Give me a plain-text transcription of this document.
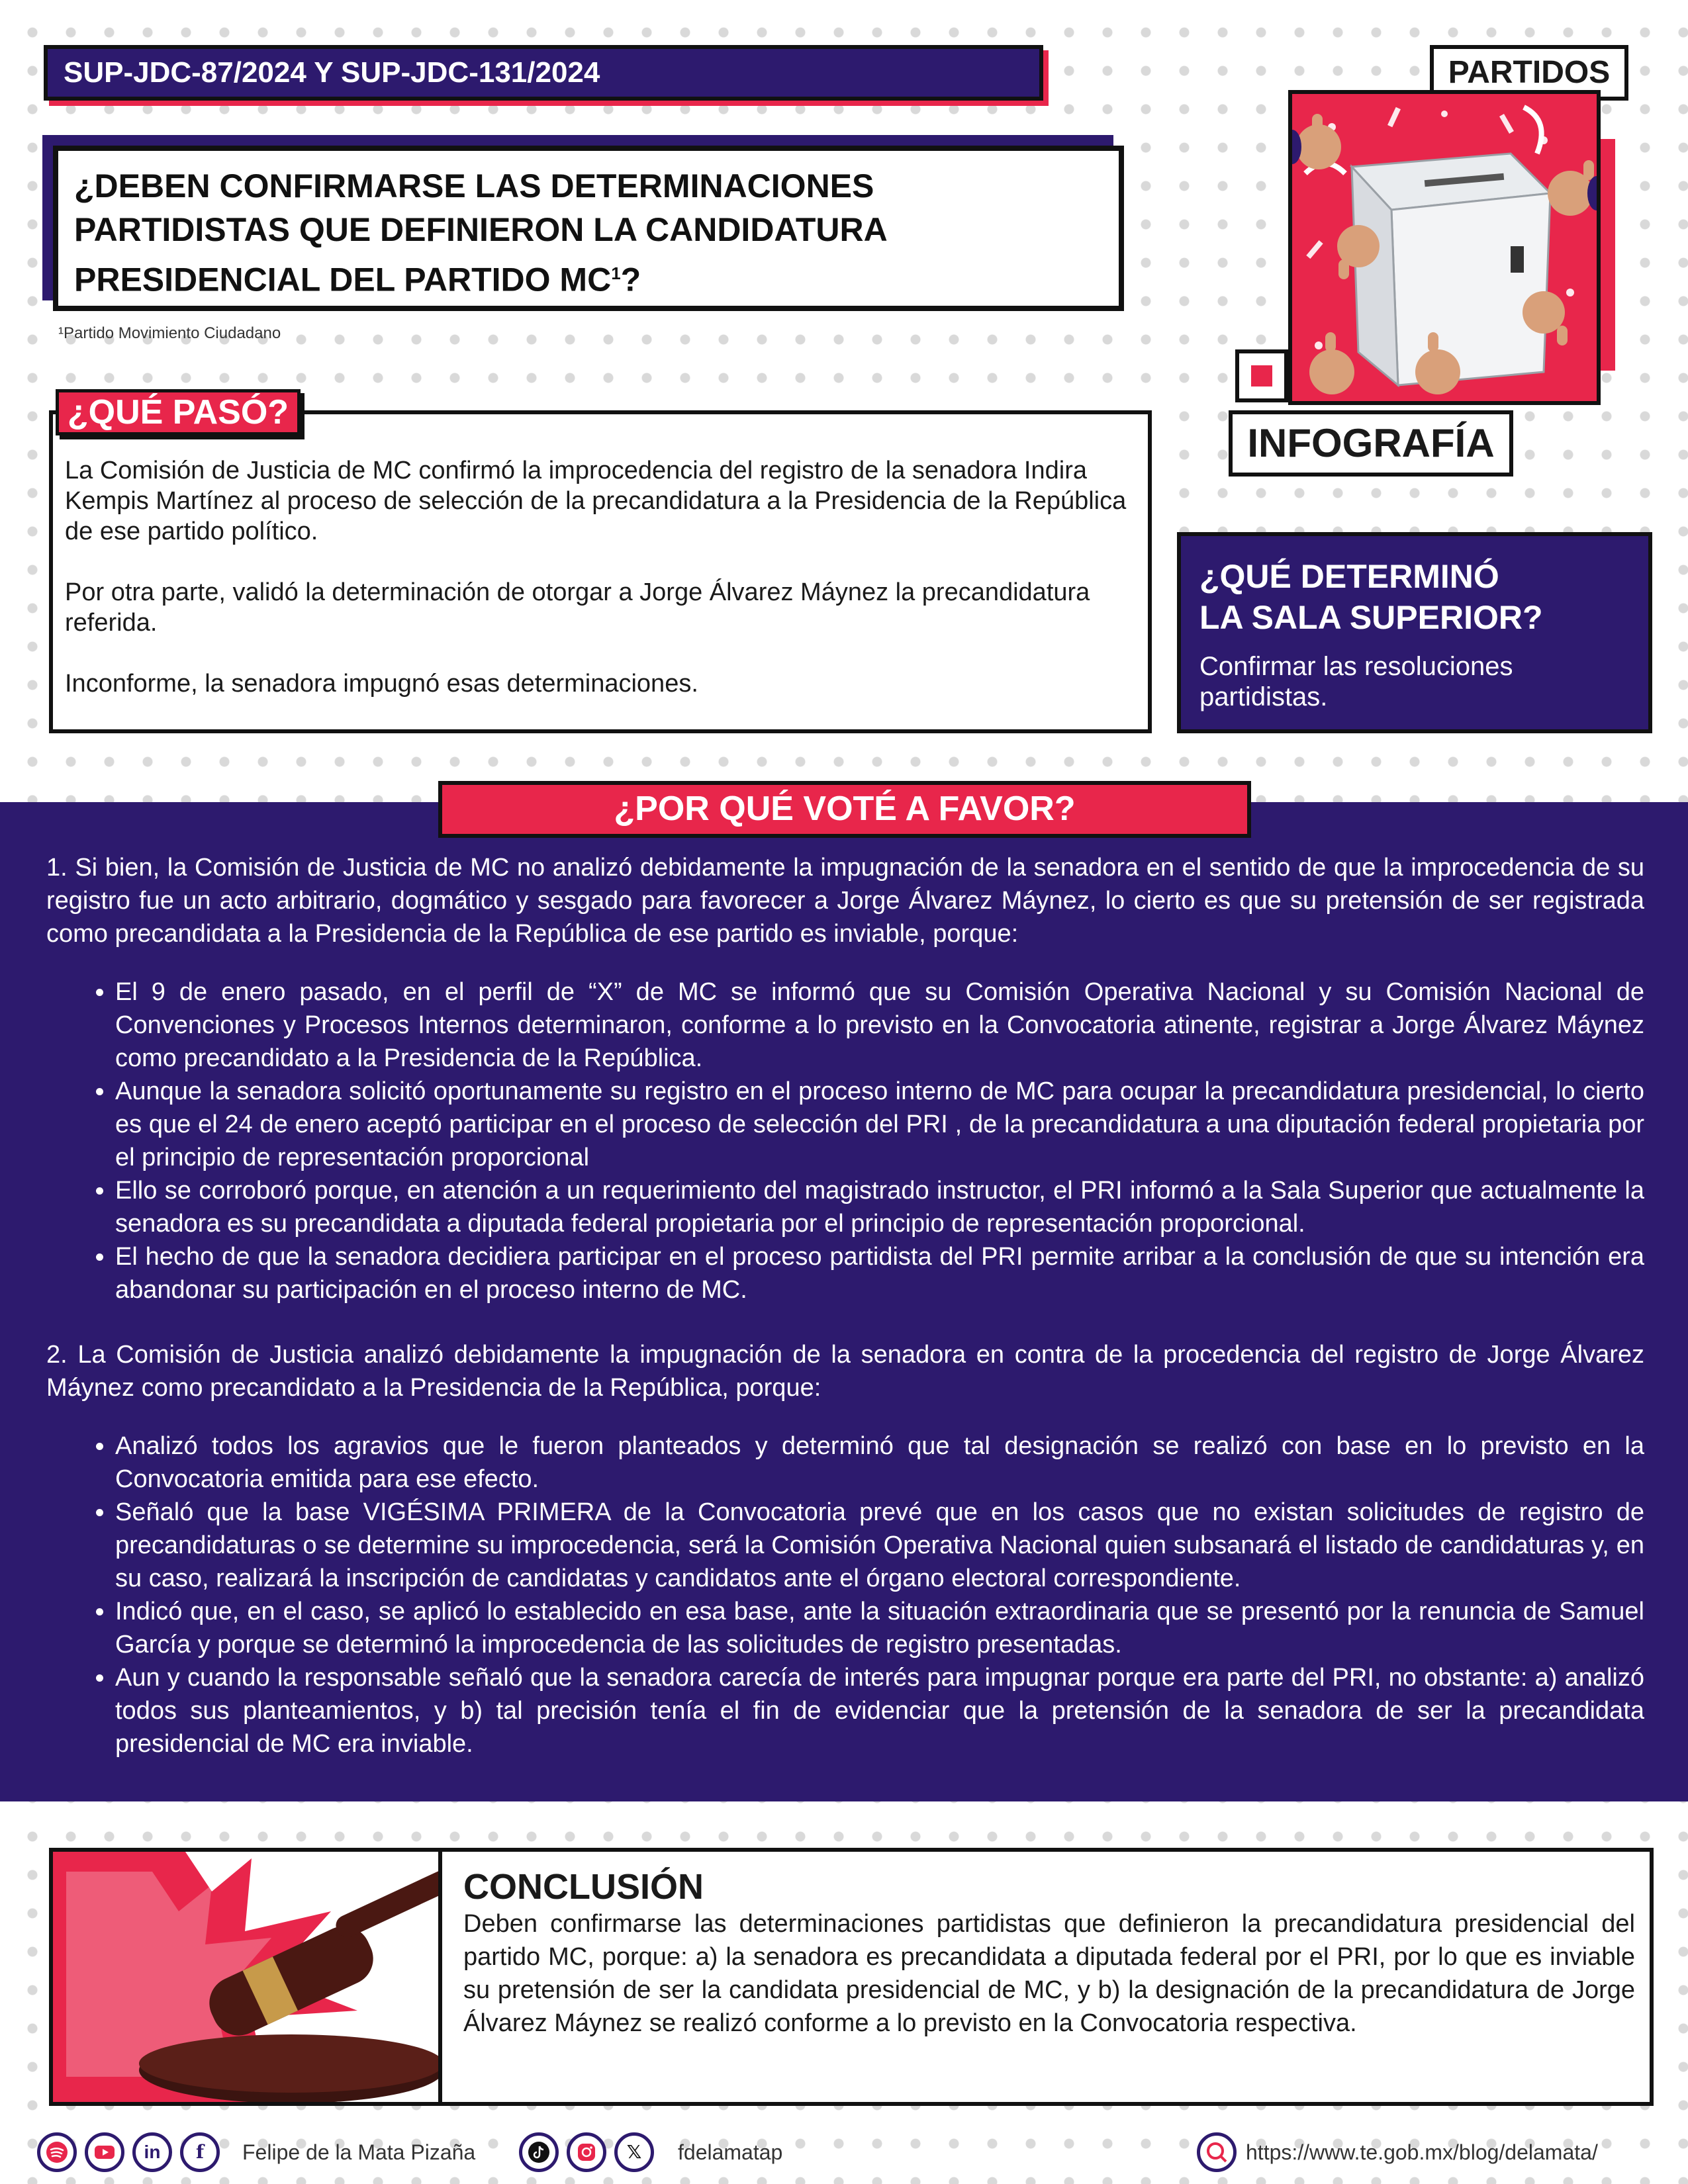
SUP-JDC-87/2024 Y SUP-JDC-131/2024	PARTIDOS
¿DEBEN CONFIRMARSE LAS DETERMINACIONES
PARTIDISTAS QUE DEFINIERON LA CANDIDATURA
PRESIDENCIAL DEL PARTIDO $MC^1$?
¹Partido Movimiento Ciudadano
INFOGRAFÍA

La Comisión de Justicia de MC confirmó la improcedencia del registro de la senadora Indira Kempis Martínez al proceso de selección de la precandidatura a la Presidencia de la República de ese partido político.

Por otra parte, validó la determinación de otorgar a Jorge Álvarez Máynez la precandidatura referida.

Inconforme, la senadora impugnó esas determinaciones.

¿QUÉ PASÓ?
¿QUÉ DETERMINÓ
LA SALA SUPERIOR?
Confirmar las resoluciones partidistas.
¿POR QUÉ VOTÉ A FAVOR?

1. Si bien, la Comisión de Justicia de MC no analizó debidamente la impugnación de la senadora en el sentido de que la improcedencia de su registro fue un acto arbitrario, dogmático y sesgado para favorecer a Jorge Álvarez Máynez, lo cierto es que su pretensión de ser registrada como precandidata a la Presidencia de la República de ese partido es inviable, porque:

• El 9 de enero pasado, en el perfil de “X” de MC se informó que su Comisión Operativa Nacional y su Comisión Nacional de Convenciones y Procesos Internos determinaron, conforme a lo previsto en la Convocatoria atinente, registrar a Jorge Álvarez Máynez como precandidato a la Presidencia de la República.
• Aunque la senadora solicitó oportunamente su registro en el proceso interno de MC para ocupar la precandidatura presidencial, lo cierto es que el 24 de enero aceptó participar en el proceso de selección del PRI , de la precandidatura a una diputación federal propietaria por el principio de representación proporcional
• Ello se corroboró porque, en atención a un requerimiento del magistrado instructor, el PRI informó a la Sala Superior que actualmente la senadora es su precandidata a diputada federal propietaria por el principio de representación proporcional.
• El hecho de que la senadora decidiera participar en el proceso partidista del PRI permite arribar a la conclusión de que su intención era abandonar su participación en el proceso interno de MC.

2. La Comisión de Justicia analizó debidamente la impugnación de la senadora en contra de la procedencia del registro de Jorge Álvarez Máynez como precandidato a la Presidencia de la República, porque:

• Analizó todos los agravios que le fueron planteados y determinó que tal designación se realizó con base en lo previsto en la Convocatoria emitida para ese efecto.
• Señaló que la base VIGÉSIMA PRIMERA de la Convocatoria prevé que en los casos que no existan solicitudes de registro de precandidaturas o se determine su improcedencia, será la Comisión Operativa Nacional quien subsanará el listado de candidaturas y, en su caso, realizará la inscripción de candidatas y candidatos ante el órgano electoral correspondiente.
• Indicó que, en el caso, se aplicó lo establecido en esa base, ante la situación extraordinaria que se presentó por la renuncia de Samuel García y porque se determinó la improcedencia de las solicitudes de registro presentadas.
• Aun y cuando la responsable señaló que la senadora carecía de interés para impugnar porque era parte del PRI, no obstante: a) analizó todos sus planteamientos, y b) tal precisión tenía el fin de evidenciar que la pretensión de la senadora de ser la precandidata presidencial de MC era inviable.
CONCLUSIÓN
Deben confirmarse las determinaciones partidistas que definieron la precandidatura presidencial del partido MC, porque: a) la senadora es precandidata a diputada federal por el PRI, por lo que es inviable su pretensión de ser la candidata presidencial de MC, y b) la designación de la precandidatura de Jorge Álvarez Máynez se realizó conforme a lo previsto en la Convocatoria respectiva.
in	f	Felipe de la Mata Pizaña	𝕏	fdelamatap	https://www.te.gob.mx/blog/delamata/
